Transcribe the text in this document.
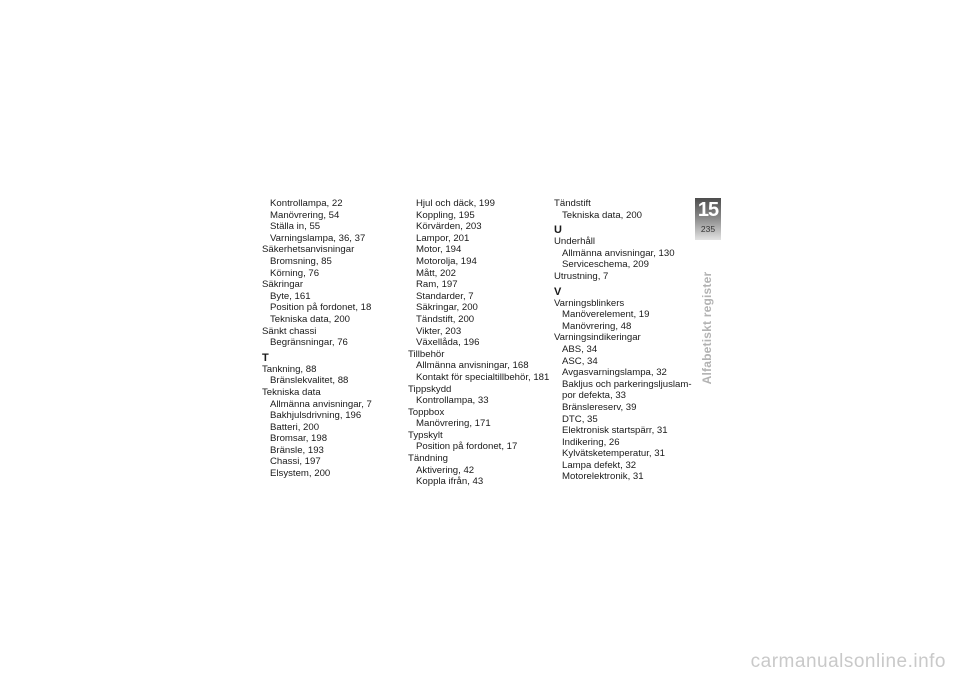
Kontrollampa, 22
Manövrering, 54
Ställa in, 55
Varningslampa, 36, 37
Säkerhetsanvisningar
Bromsning, 85
Körning, 76
Säkringar
Byte, 161
Position på fordonet, 18
Tekniska data, 200
Sänkt chassi
Begränsningar, 76
T
Tankning, 88
Bränslekvalitet, 88
Tekniska data
Allmänna anvisningar, 7
Bakhjulsdrivning, 196
Batteri, 200
Bromsar, 198
Bränsle, 193
Chassi, 197
Elsystem, 200
Hjul och däck, 199
Koppling, 195
Körvärden, 203
Lampor, 201
Motor, 194
Motorolja, 194
Mått, 202
Ram, 197
Standarder, 7
Säkringar, 200
Tändstift, 200
Vikter, 203
Växellåda, 196
Tillbehör
Allmänna anvisningar, 168
Kontakt för specialtillbehör, 181
Tippskydd
Kontrollampa, 33
Toppbox
Manövrering, 171
Typskylt
Position på fordonet, 17
Tändning
Aktivering, 42
Koppla ifrån, 43
Tändstift
Tekniska data, 200
U
Underhåll
Allmänna anvisningar, 130
Serviceschema, 209
Utrustning, 7
V
Varningsblinkers
Manöverelement, 19
Manövrering, 48
Varningsindikeringar
ABS, 34
ASC, 34
Avgasvarningslampa, 32
Bakljus och parkeringsljuslam-
por defekta, 33
Bränslereserv, 39
DTC, 35
Elektronisk startspärr, 31
Indikering, 26
Kylvätsketemperatur, 31
Lampa defekt, 32
Motorelektronik, 31
15
235
Alfabetiskt register
carmanualsonline.info
